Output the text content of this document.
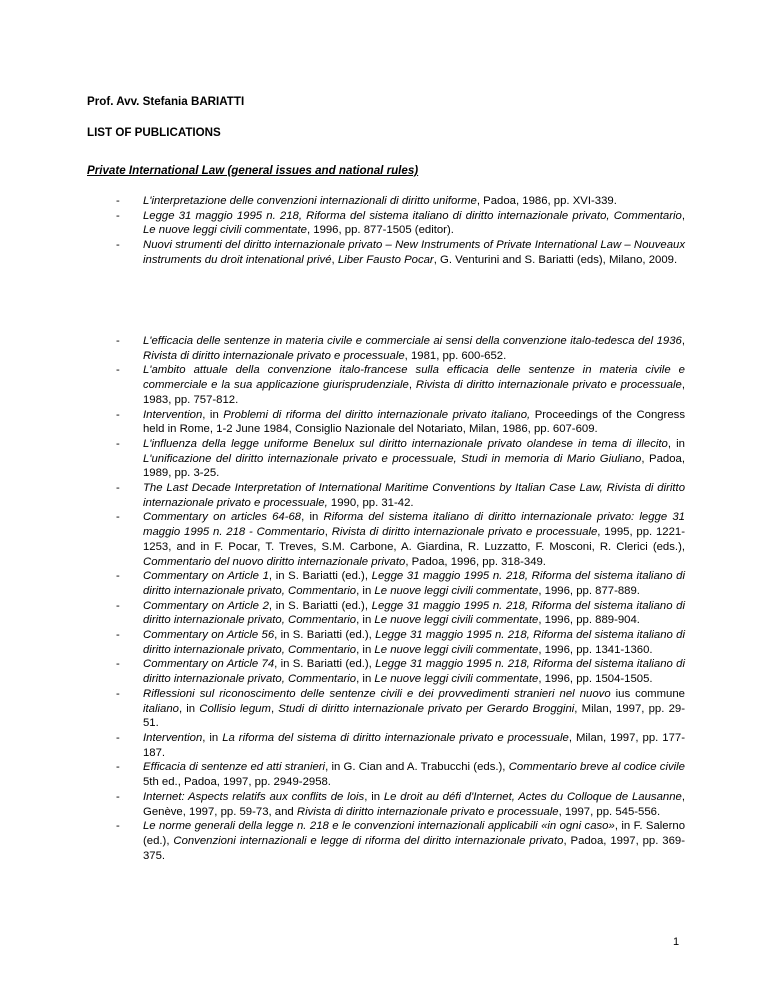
Prof. Avv. Stefania BARIATTI
LIST OF PUBLICATIONS
Private International Law (general issues and national rules)
- L'interpretazione delle convenzioni internazionali di diritto uniforme, Padoa, 1986, pp. XVI-339.
- Legge 31 maggio 1995 n. 218, Riforma del sistema italiano di diritto internazionale privato, Commentario, Le nuove leggi civili commentate, 1996, pp. 877-1505 (editor).
- Nuovi strumenti del diritto internazionale privato – New Instruments of Private International Law – Nouveaux instruments du droit intenational privé, Liber Fausto Pocar, G. Venturini and S. Bariatti (eds), Milano, 2009.
- L'efficacia delle sentenze in materia civile e commerciale ai sensi della convenzione italo-tedesca del 1936, Rivista di diritto internazionale privato e processuale, 1981, pp. 600-652.
- L'ambito attuale della convenzione italo-francese sulla efficacia delle sentenze in materia civile e commerciale e la sua applicazione giurisprudenziale, Rivista di diritto internazionale privato e processuale, 1983, pp. 757-812.
- Intervention, in Problemi di riforma del diritto internazionale privato italiano, Proceedings of the Congress held in Rome, 1-2 June 1984, Consiglio Nazionale del Notariato, Milan, 1986, pp. 607-609.
- L'influenza della legge uniforme Benelux sul diritto internazionale privato olandese in tema di illecito, in L'unificazione del diritto internazionale privato e processuale, Studi in memoria di Mario Giuliano, Padoa, 1989, pp. 3-25.
- The Last Decade Interpretation of International Maritime Conventions by Italian Case Law, Rivista di diritto internazionale privato e processuale, 1990, pp. 31-42.
- Commentary on articles 64-68, in Riforma del sistema italiano di diritto internazionale privato: legge 31 maggio 1995 n. 218 - Commentario, Rivista di diritto internazionale privato e processuale, 1995, pp. 1221-1253, and in F. Pocar, T. Treves, S.M. Carbone, A. Giardina, R. Luzzatto, F. Mosconi, R. Clerici (eds.), Commentario del nuovo diritto internazionale privato, Padoa, 1996, pp. 318-349.
- Commentary on Article 1, in S. Bariatti (ed.), Legge 31 maggio 1995 n. 218, Riforma del sistema italiano di diritto internazionale privato, Commentario, in Le nuove leggi civili commentate, 1996, pp. 877-889.
- Commentary on Article 2, in S. Bariatti (ed.), Legge 31 maggio 1995 n. 218, Riforma del sistema italiano di diritto internazionale privato, Commentario, in Le nuove leggi civili commentate, 1996, pp. 889-904.
- Commentary on Article 56, in S. Bariatti (ed.), Legge 31 maggio 1995 n. 218, Riforma del sistema italiano di diritto internazionale privato, Commentario, in Le nuove leggi civili commentate, 1996, pp. 1341-1360.
- Commentary on Article 74, in S. Bariatti (ed.), Legge 31 maggio 1995 n. 218, Riforma del sistema italiano di diritto internazionale privato, Commentario, in Le nuove leggi civili commentate, 1996, pp. 1504-1505.
- Riflessioni sul riconoscimento delle sentenze civili e dei provvedimenti stranieri nel nuovo ius commune italiano, in Collisio legum, Studi di diritto internazionale privato per Gerardo Broggini, Milan, 1997, pp. 29-51.
- Intervention, in La riforma del sistema di diritto internazionale privato e processuale, Milan, 1997, pp. 177-187.
- Efficacia di sentenze ed atti stranieri, in G. Cian and A. Trabucchi (eds.), Commentario breve al codice civile 5th ed., Padoa, 1997, pp. 2949-2958.
- Internet: Aspects relatifs aux conflits de lois, in Le droit au défi d'Internet, Actes du Colloque de Lausanne, Genève, 1997, pp. 59-73, and Rivista di diritto internazionale privato e processuale, 1997, pp. 545-556.
- Le norme generali della legge n. 218 e le convenzioni internazionali applicabili «in ogni caso», in F. Salerno (ed.), Convenzioni internazionali e legge di riforma del diritto internazionale privato, Padoa, 1997, pp. 369-375.
1
